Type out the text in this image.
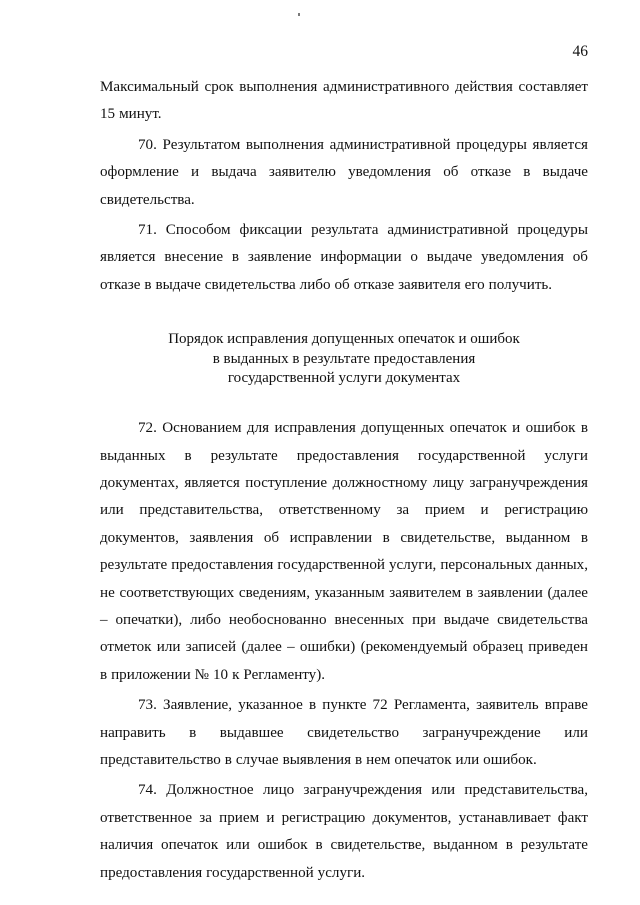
46

Максимальный срок выполнения административного действия составляет 15 минут.

70. Результатом выполнения административной процедуры является оформление и выдача заявителю уведомления об отказе в выдаче свидетельства.

71. Способом фиксации результата административной процедуры является внесение в заявление информации о выдаче уведомления об отказе в выдаче свидетельства либо об отказе заявителя его получить.

Порядок исправления допущенных опечаток и ошибок
в выданных в результате предоставления
государственной услуги документах

72. Основанием для исправления допущенных опечаток и ошибок в выданных в результате предоставления государственной услуги документах, является поступление должностному лицу загранучреждения или представительства, ответственному за прием и регистрацию документов, заявления об исправлении в свидетельстве, выданном в результате предоставления государственной услуги, персональных данных, не соответствующих сведениям, указанным заявителем в заявлении (далее – опечатки), либо необоснованно внесенных при выдаче свидетельства отметок или записей (далее – ошибки) (рекомендуемый образец приведен в приложении № 10 к Регламенту).

73. Заявление, указанное в пункте 72 Регламента, заявитель вправе направить в выдавшее свидетельство загранучреждение или представительство в случае выявления в нем опечаток или ошибок.

74. Должностное лицо загранучреждения или представительства, ответственное за прием и регистрацию документов, устанавливает факт наличия опечаток или ошибок в свидетельстве, выданном в результате предоставления государственной услуги.
